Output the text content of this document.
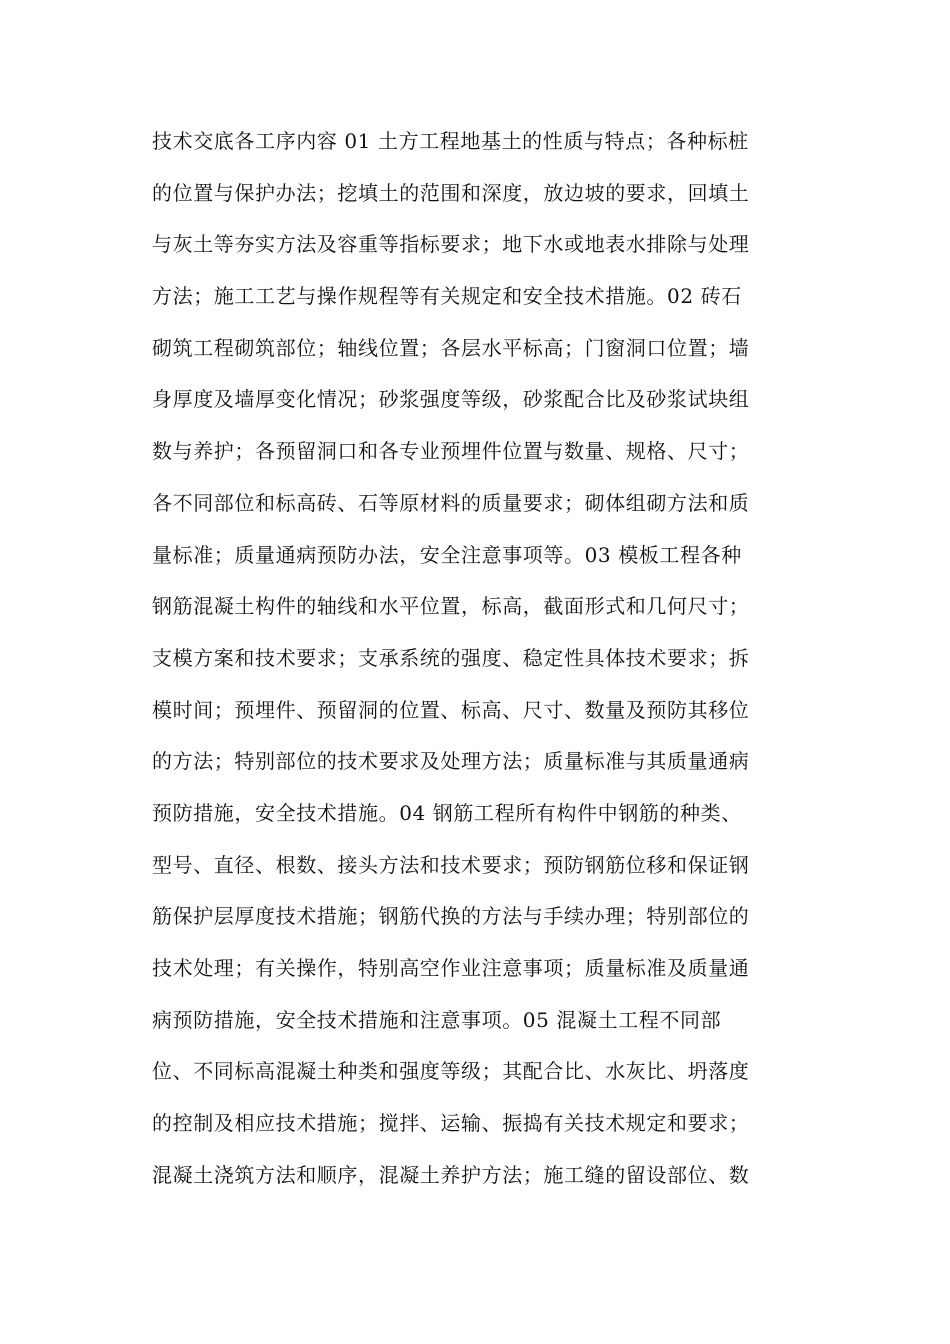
技术交底各工序内容 01 土方工程地基土的性质与特点；各种标桩
的位置与保护办法；挖填土的范围和深度，放边坡的要求，回填土
与灰土等夯实方法及容重等指标要求；地下水或地表水排除与处理
方法；施工工艺与操作规程等有关规定和安全技术措施。02 砖石
砌筑工程砌筑部位；轴线位置；各层水平标高；门窗洞口位置；墙
身厚度及墙厚变化情况；砂浆强度等级，砂浆配合比及砂浆试块组
数与养护；各预留洞口和各专业预埋件位置与数量、规格、尺寸；
各不同部位和标高砖、石等原材料的质量要求；砌体组砌方法和质
量标准；质量通病预防办法，安全注意事项等。03 模板工程各种
钢筋混凝土构件的轴线和水平位置，标高，截面形式和几何尺寸；
支模方案和技术要求；支承系统的强度、稳定性具体技术要求；拆
模时间；预埋件、预留洞的位置、标高、尺寸、数量及预防其移位
的方法；特别部位的技术要求及处理方法；质量标准与其质量通病
预防措施，安全技术措施。04 钢筋工程所有构件中钢筋的种类、
型号、直径、根数、接头方法和技术要求；预防钢筋位移和保证钢
筋保护层厚度技术措施；钢筋代换的方法与手续办理；特别部位的
技术处理；有关操作，特别高空作业注意事项；质量标准及质量通
病预防措施，安全技术措施和注意事项。05 混凝土工程不同部
位、不同标高混凝土种类和强度等级；其配合比、水灰比、坍落度
的控制及相应技术措施；搅拌、运输、振捣有关技术规定和要求；
混凝土浇筑方法和顺序，混凝土养护方法；施工缝的留设部位、数
